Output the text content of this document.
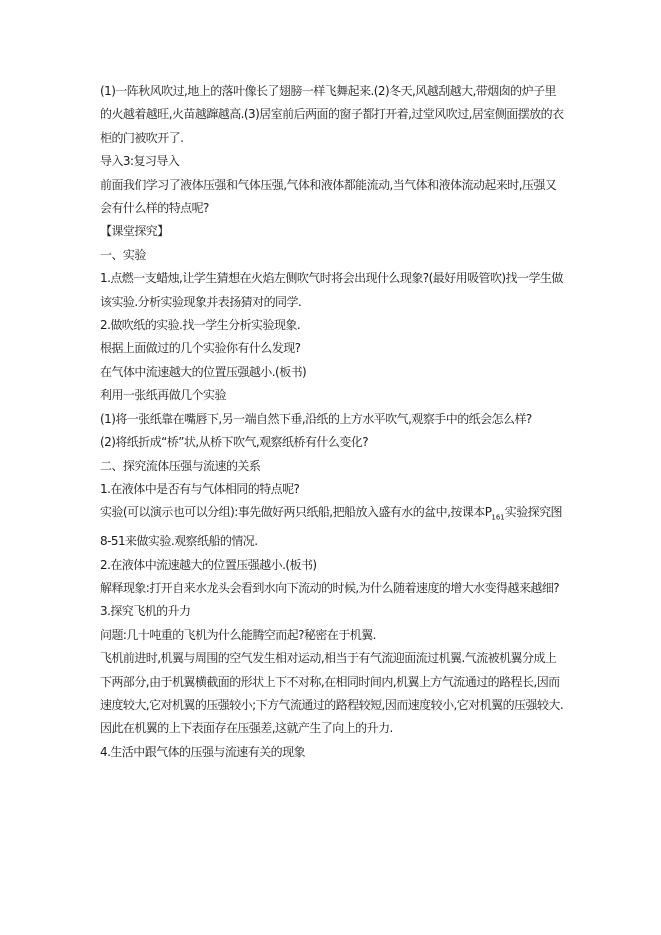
(1)一阵秋风吹过,地上的落叶像长了翅膀一样飞舞起来.(2)冬天,风越刮越大,带烟囱的炉子里的火越着越旺,火苗越蹿越高.(3)居室前后两面的窗子都打开着,过堂风吹过,居室侧面摆放的衣柜的门被吹开了.

导入3:复习导入

前面我们学习了液体压强和气体压强,气体和液体都能流动,当气体和液体流动起来时,压强又会有什么样的特点呢?

【课堂探究】

一、实验

1.点燃一支蜡烛,让学生猜想在火焰左侧吹气时将会出现什么现象?(最好用吸管吹)找一学生做该实验.分析实验现象并表扬猜对的同学.

2.做吹纸的实验.找一学生分析实验现象.

根据上面做过的几个实验你有什么发现?

在气体中流速越大的位置压强越小.(板书)

利用一张纸再做几个实验

(1)将一张纸靠在嘴唇下,另一端自然下垂,沿纸的上方水平吹气,观察手中的纸会怎么样?

(2)将纸折成“桥”状,从桥下吹气,观察纸桥有什么变化?

二、探究流体压强与流速的关系

1.在液体中是否有与气体相同的特点呢?

实验(可以演示也可以分组):事先做好两只纸船,把船放入盛有水的盆中,按课本$P_{161}$实验探究图8-51来做实验.观察纸船的情况.

2.在液体中流速越大的位置压强越小.(板书)

解释现象:打开自来水龙头会看到水向下流动的时候,为什么随着速度的增大水变得越来越细?

3.探究飞机的升力

问题:几十吨重的飞机为什么能腾空而起?秘密在于机翼.

飞机前进时,机翼与周围的空气发生相对运动,相当于有气流迎面流过机翼.气流被机翼分成上下两部分,由于机翼横截面的形状上下不对称,在相同时间内,机翼上方气流通过的路程长,因而速度较大,它对机翼的压强较小;下方气流通过的路程较短,因而速度较小,它对机翼的压强较大.因此在机翼的上下表面存在压强差,这就产生了向上的升力.

4.生活中跟气体的压强与流速有关的现象
